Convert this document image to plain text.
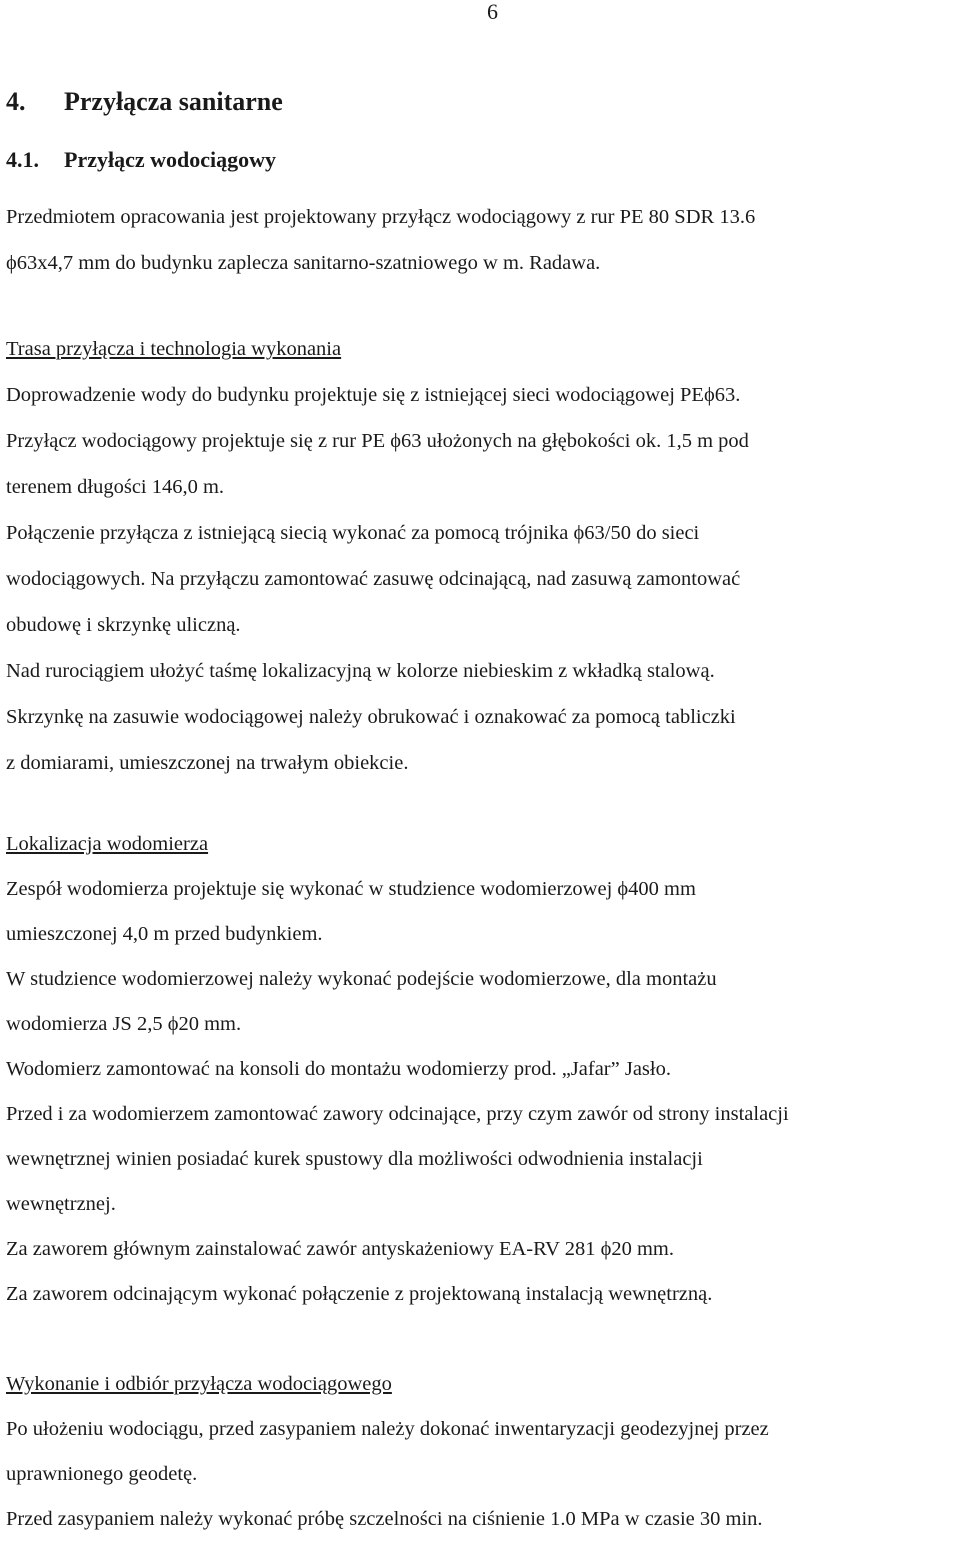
6
4. Przyłącza sanitarne
4.1. Przyłącz wodociągowy

Przedmiotem opracowania jest projektowany przyłącz wodociągowy z rur PE 80 SDR 13.6

ϕ63x4,7 mm do budynku zaplecza sanitarno-szatniowego w m. Radawa.

Trasa przyłącza i technologia wykonania

Doprowadzenie wody do budynku projektuje się z istniejącej sieci wodociągowej PEϕ63.

Przyłącz wodociągowy projektuje się z rur PE ϕ63 ułożonych na głębokości ok. 1,5 m pod

terenem długości 146,0 m.

Połączenie przyłącza z istniejącą siecią wykonać za pomocą trójnika ϕ63/50 do sieci

wodociągowych. Na przyłączu zamontować zasuwę odcinającą, nad zasuwą zamontować

obudowę i skrzynkę uliczną.

Nad rurociągiem ułożyć taśmę lokalizacyjną w kolorze niebieskim z wkładką stalową.

Skrzynkę na zasuwie wodociągowej należy obrukować i oznakować za pomocą tabliczki

z domiarami, umieszczonej na trwałym obiekcie.

Lokalizacja wodomierza

Zespół wodomierza projektuje się wykonać w studzience wodomierzowej ϕ400 mm

umieszczonej 4,0 m przed budynkiem.

W studzience wodomierzowej należy wykonać podejście wodomierzowe, dla montażu

wodomierza JS 2,5 ϕ20 mm.

Wodomierz zamontować na konsoli do montażu wodomierzy prod. „Jafar” Jasło.

Przed i za wodomierzem zamontować zawory odcinające, przy czym zawór od strony instalacji

wewnętrznej winien posiadać kurek spustowy dla możliwości odwodnienia instalacji

wewnętrznej.

Za zaworem głównym zainstalować zawór antyskażeniowy EA-RV 281 ϕ20 mm.

Za zaworem odcinającym wykonać połączenie z projektowaną instalacją wewnętrzną.

Wykonanie i odbiór przyłącza wodociągowego

Po ułożeniu wodociągu, przed zasypaniem należy dokonać inwentaryzacji geodezyjnej przez

uprawnionego geodetę.

Przed zasypaniem należy wykonać próbę szczelności na ciśnienie 1.0 MPa w czasie 30 min.
